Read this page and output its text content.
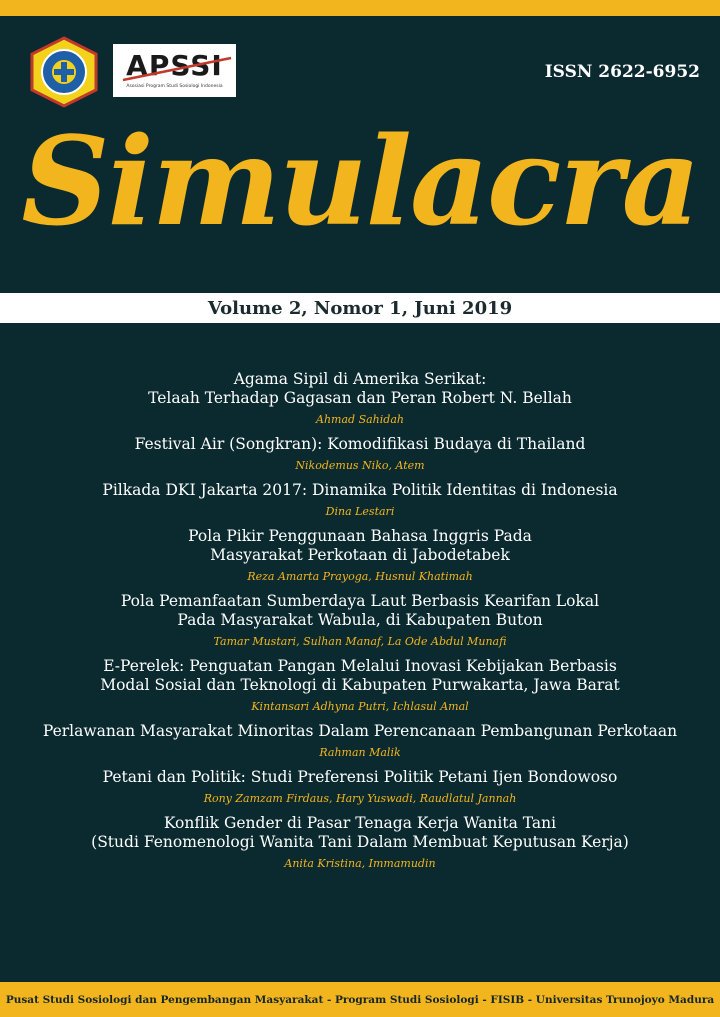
APSSI
Asosiasi Program Studi Sosiologi Indonesia
ISSN 2622-6952
Simulacra
Volume 2, Nomor 1, Juni 2019
Agama Sipil di Amerika Serikat:
Telaah Terhadap Gagasan dan Peran Robert N. Bellah
Ahmad Sahidah
Festival Air (Songkran): Komodifikasi Budaya di Thailand
Nikodemus Niko, Atem
Pilkada DKI Jakarta 2017: Dinamika Politik Identitas di Indonesia
Dina Lestari
Pola Pikir Penggunaan Bahasa Inggris Pada
Masyarakat Perkotaan di Jabodetabek
Reza Amarta Prayoga, Husnul Khatimah
Pola Pemanfaatan Sumberdaya Laut Berbasis Kearifan Lokal
Pada Masyarakat Wabula, di Kabupaten Buton
Tamar Mustari, Sulhan Manaf, La Ode Abdul Munafi
E-Perelek: Penguatan Pangan Melalui Inovasi Kebijakan Berbasis
Modal Sosial dan Teknologi di Kabupaten Purwakarta, Jawa Barat
Kintansari Adhyna Putri, Ichlasul Amal
Perlawanan Masyarakat Minoritas Dalam Perencanaan Pembangunan Perkotaan
Rahman Malik
Petani dan Politik: Studi Preferensi Politik Petani Ijen Bondowoso
Rony Zamzam Firdaus, Hary Yuswadi, Raudlatul Jannah
Konflik Gender di Pasar Tenaga Kerja Wanita Tani
(Studi Fenomenologi Wanita Tani Dalam Membuat Keputusan Kerja)
Anita Kristina, Immamudin
Pusat Studi Sosiologi dan Pengembangan Masyarakat - Program Studi Sosiologi - FISIB - Universitas Trunojoyo Madura
